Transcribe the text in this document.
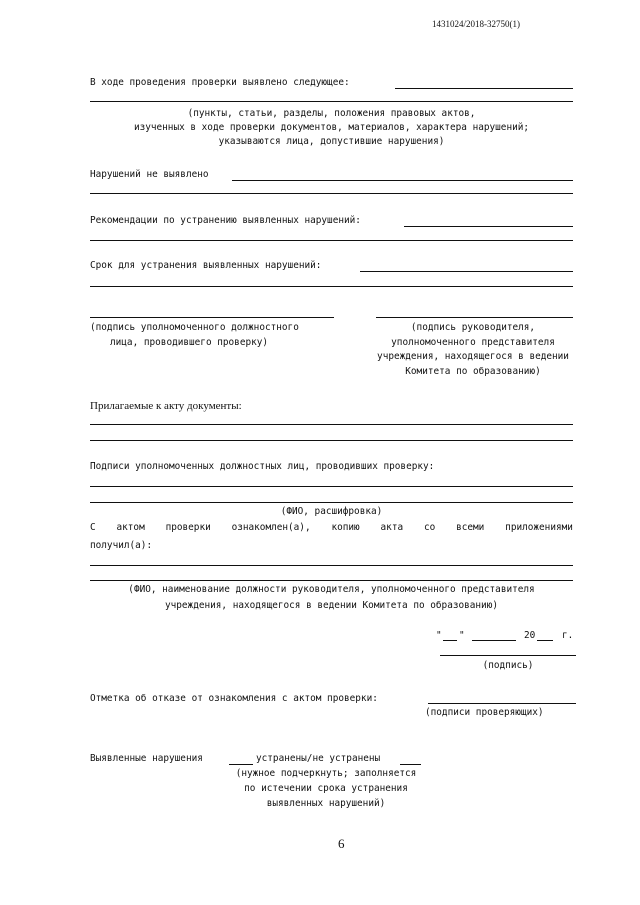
1431024/2018-32750(1)
В ходе проведения проверки выявлено следующее:
(пункты, статьи, разделы, положения правовых актов,
изученных в ходе проверки документов, материалов, характера нарушений;
указываются лица, допустившие нарушения)
Нарушений не выявлено
Рекомендации по устранению выявленных нарушений:
Срок для устранения выявленных нарушений:
(подпись уполномоченного должностного
лица, проводившего проверку)
(подпись руководителя,
уполномоченного представителя
учреждения, находящегося в ведении
Комитета по образованию)
Прилагаемые к акту документы:
Подписи уполномоченных должностных лиц, проводивших проверку:
(ФИО, расшифровка)
С актом проверки ознакомлен(а), копию акта со всеми приложениями
получил(а):
(ФИО, наименование должности руководителя, уполномоченного представителя
учреждения, находящегося в ведении Комитета по образованию)
" "	20	г.
(подпись)
Отметка об отказе от ознакомления с актом проверки:
(подписи проверяющих)
Выявленные нарушения	устранены/не устранены
(нужное подчеркнуть; заполняется
по истечении срока устранения
выявленных нарушений)
6
